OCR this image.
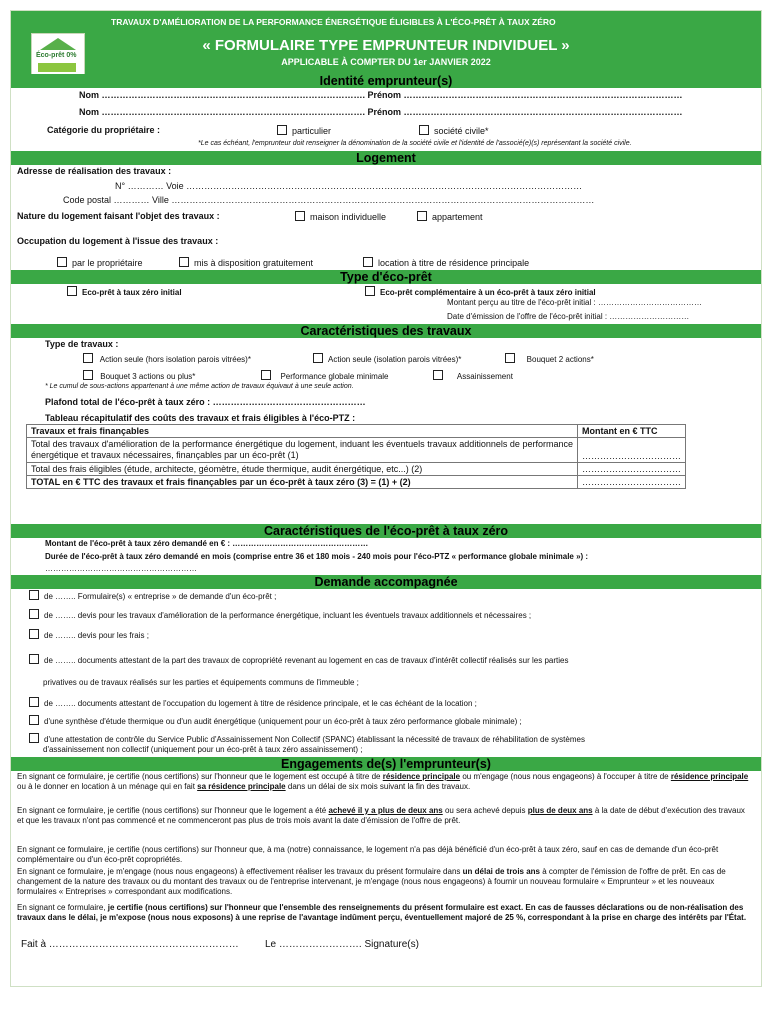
Éco-prêt 0%
TRAVAUX D'AMÉLIORATION DE LA PERFORMANCE ÉNERGÉTIQUE ÉLIGIBLES À L'ÉCO-PRÊT À TAUX ZÉRO
« FORMULAIRE TYPE EMPRUNTEUR INDIVIDUEL »
APPLICABLE À COMPTER DU 1er JANVIER 2022
Identité emprunteur(s)
Nom ……………………………………………………………………………. Prénom …………………………………………………………………………………
Nom ……………………………………………………………………………. Prénom …………………………………………………………………………………
Catégorie du propriétaire :	particulier	société civile*
*Le cas échéant, l'emprunteur doit renseigner la dénomination de la société civile et l'identité de l'associé(e)(s) représentant la société civile.
Logement
Adresse de réalisation des travaux :
N° ………… Voie ……………………………………………………………………………………………………………………
Code postal ………… Ville ……………………………………………………………………………………………………………………………
Nature du logement faisant l'objet des travaux :	maison individuelle	appartement
Occupation du logement à l'issue des travaux :
par le propriétaire	mis à disposition gratuitement	location à titre de résidence principale
Type d'éco-prêt
Eco-prêt à taux zéro initial	Eco-prêt complémentaire à un éco-prêt à taux zéro initial
Montant perçu au titre de l'éco-prêt initial : …………………………………
Date d'émission de l'offre de l'éco-prêt initial : …………………………
Caractéristiques des travaux
Type de travaux :
Action seule (hors isolation parois vitrées)*	Action seule (isolation parois vitrées)*	Bouquet 2 actions*
Bouquet 3 actions ou plus*	Performance globale minimale	Assainissement
* Le cumul de sous-actions appartenant à une même action de travaux équivaut à une seule action.
Plafond total de l'éco-prêt à taux zéro : ……………………………………………
Tableau récapitulatif des coûts des travaux et frais éligibles à l'éco-PTZ :
Travaux et frais finançables	Montant en € TTC
Total des travaux d'amélioration de la performance énergétique du logement, induant les éventuels travaux additionnels de performance énergétique et travaux nécessaires, finançables par un éco-prêt (1)	……………………………
Total des frais éligibles (étude, architecte, géomètre, étude thermique, audit énergétique, etc...) (2)	……………………………
TOTAL en € TTC des travaux et frais finançables par un éco-prêt à taux zéro (3) = (1) + (2)	……………………………
Caractéristiques de l'éco-prêt à taux zéro
Montant de l'éco-prêt à taux zéro demandé en € : ……………………………………………
Durée de l'éco-prêt à taux zéro demandé en mois (comprise entre 36 et 180 mois - 240 mois pour l'éco-PTZ « performance globale minimale ») :
…………………………………………………
Demande accompagnée
de …….. Formulaire(s) « entreprise » de demande d'un éco-prêt ;
de …….. devis pour les travaux d'amélioration de la performance énergétique, incluant les éventuels travaux additionnels et nécessaires ;
de …….. devis pour les frais ;
de …….. documents attestant de la part des travaux de copropriété revenant au logement en cas de travaux d'intérêt collectif réalisés sur les parties
privatives ou de travaux réalisés sur les parties et équipements communs de l'immeuble ;
de …….. documents attestant de l'occupation du logement à titre de résidence principale, et le cas échéant de la location ;
d'une synthèse d'étude thermique ou d'un audit énergétique (uniquement pour un éco-prêt à taux zéro performance globale minimale) ;
d'une attestation de contrôle du Service Public d'Assainissement Non Collectif (SPANC) établissant la nécessité de travaux de réhabilitation de systèmes
d'assainissement non collectif (uniquement pour un éco-prêt à taux zéro assainissement) ;
Engagements de(s) l'emprunteur(s)
En signant ce formulaire, je certifie (nous certifions) sur l'honneur que le logement est occupé à titre de résidence principale ou m'engage (nous nous engageons) à l'occuper à titre de résidence principale ou à le donner en location à un ménage qui en fait sa résidence principale dans un délai de six mois suivant la fin des travaux.
En signant ce formulaire, je certifie (nous certifions) sur l'honneur que le logement a été achevé il y a plus de deux ans ou sera achevé depuis plus de deux ans à la date de début d'exécution des travaux et que les travaux n'ont pas commencé et ne commenceront pas plus de trois mois avant la date d'émission de l'offre de prêt.
En signant ce formulaire, je certifie (nous certifions) sur l'honneur que, à ma (notre) connaissance, le logement n'a pas déjà bénéficié d'un éco-prêt à taux zéro, sauf en cas de demande d'un éco-prêt complémentaire ou d'un éco-prêt copropriétés.
En signant ce formulaire, je m'engage (nous nous engageons) à effectivement réaliser les travaux du présent formulaire dans un délai de trois ans à compter de l'émission de l'offre de prêt. En cas de changement de la nature des travaux ou du montant des travaux ou de l'entreprise intervenant, je m'engage (nous nous engageons) à fournir un nouveau formulaire « Emprunteur » et les nouveaux formulaires « Entreprises » correspondant aux modifications.
En signant ce formulaire, je certifie (nous certifions) sur l'honneur que l'ensemble des renseignements du présent formulaire est exact. En cas de fausses déclarations ou de non-réalisation des travaux dans le délai, je m'expose (nous nous exposons) à une reprise de l'avantage indûment perçu, éventuellement majoré de 25 %, correspondant à la prise en charge des intérêts par l'État.
Fait à …………………………………………………	Le ……………………. Signature(s)
